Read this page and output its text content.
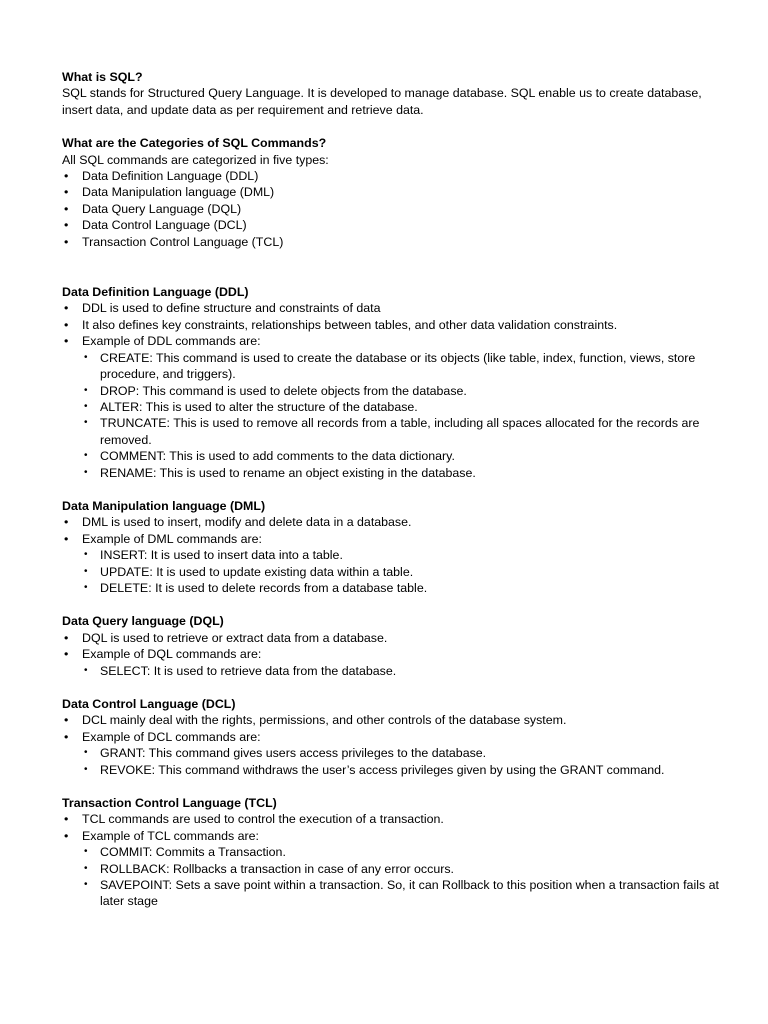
What is SQL?

SQL stands for Structured Query Language. It is developed to manage database. SQL enable us to create database, insert data, and update data as per requirement and retrieve data.

What are the Categories of SQL Commands?

All SQL commands are categorized in five types:

• Data Definition Language (DDL)
• Data Manipulation language (DML)
• Data Query Language (DQL)
• Data Control Language (DCL)
• Transaction Control Language (TCL)

Data Definition Language (DDL)

• DDL is used to define structure and constraints of data
• It also defines key constraints, relationships between tables, and other data validation constraints.
• Example of DDL commands are:
• CREATE: This command is used to create the database or its objects (like table, index, function, views, store procedure, and triggers).
• DROP: This command is used to delete objects from the database.
• ALTER: This is used to alter the structure of the database.
• TRUNCATE: This is used to remove all records from a table, including all spaces allocated for the records are removed.
• COMMENT: This is used to add comments to the data dictionary.
• RENAME: This is used to rename an object existing in the database.

Data Manipulation language (DML)

• DML is used to insert, modify and delete data in a database.
• Example of DML commands are:
• INSERT: It is used to insert data into a table.
• UPDATE: It is used to update existing data within a table.
• DELETE: It is used to delete records from a database table.

Data Query language (DQL)

• DQL is used to retrieve or extract data from a database.
• Example of DQL commands are:
• SELECT: It is used to retrieve data from the database.

Data Control Language (DCL)

• DCL mainly deal with the rights, permissions, and other controls of the database system.
• Example of DCL commands are:
• GRANT: This command gives users access privileges to the database.
• REVOKE: This command withdraws the user’s access privileges given by using the GRANT command.

Transaction Control Language (TCL)

• TCL commands are used to control the execution of a transaction.
• Example of TCL commands are:
• COMMIT: Commits a Transaction.
• ROLLBACK: Rollbacks a transaction in case of any error occurs.
• SAVEPOINT: Sets a save point within a transaction. So, it can Rollback to this position when a transaction fails at later stage
